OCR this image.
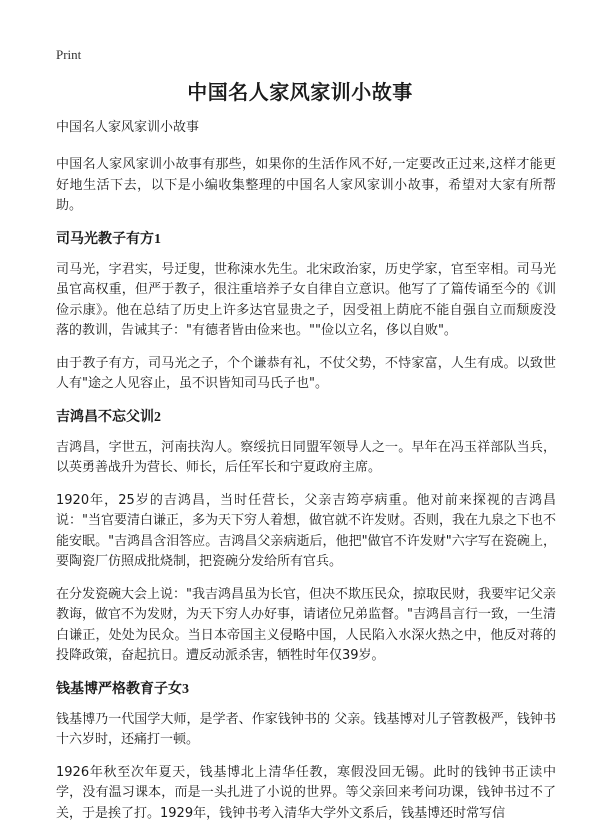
Print
中国名人家风家训小故事
中国名人家风家训小故事

中国名人家风家训小故事有那些，如果你的生活作风不好,一定要改正过来,这样才能更好地生活下去，以下是小编收集整理的中国名人家风家训小故事，希望对大家有所帮助。

司马光教子有方1

司马光，字君实，号迂叟，世称涑水先生。北宋政治家，历史学家，官至宰相。司马光虽官高权重，但严于教子，很注重培养子女自律自立意识。他写了了篇传诵至今的《训俭示康》。他在总结了历史上许多达官显贵之子，因受祖上荫庇不能自强自立而颓废没落的教训，告诫其子："有德者皆由俭来也。""俭以立名，侈以自败"。

由于教子有方，司马光之子，个个谦恭有礼，不仗父势，不恃家富，人生有成。以致世人有"途之人见容止，虽不识皆知司马氏子也"。

吉鸿昌不忘父训2

吉鸿昌，字世五，河南扶沟人。察绥抗日同盟军领导人之一。早年在冯玉祥部队当兵，以英勇善战升为营长、师长，后任军长和宁夏政府主席。

1920年，25岁的吉鸿昌，当时任营长，父亲吉筠亭病重。他对前来探视的吉鸿昌说："当官要清白谦正，多为天下穷人着想，做官就不许发财。否则，我在九泉之下也不能安眠。"吉鸿昌含泪答应。吉鸿昌父亲病逝后，他把"做官不许发财"六字写在瓷碗上，要陶瓷厂仿照成批烧制，把瓷碗分发给所有官兵。

在分发瓷碗大会上说："我吉鸿昌虽为长官，但决不欺压民众，掠取民财，我要牢记父亲教诲，做官不为发财，为天下穷人办好事，请诸位兄弟监督。"吉鸿昌言行一致，一生清白谦正，处处为民众。当日本帝国主义侵略中国，人民陷入水深火热之中，他反对蒋的投降政策，奋起抗日。遭反动派杀害，牺牲时年仅39岁。

钱基博严格教育子女3

钱基博乃一代国学大师，是学者、作家钱钟书的 父亲。钱基博对儿子管教极严，钱钟书十六岁时，还痛打一顿。

1926年秋至次年夏天，钱基博北上清华任教，寒假没回无锡。此时的钱钟书正读中学，没有温习课本，而是一头扎进了小说的世界。等父亲回来考问功课，钱钟书过不了关，于是挨了打。1929年，钱钟书考入清华大学外文系后，钱基博还时常写信
